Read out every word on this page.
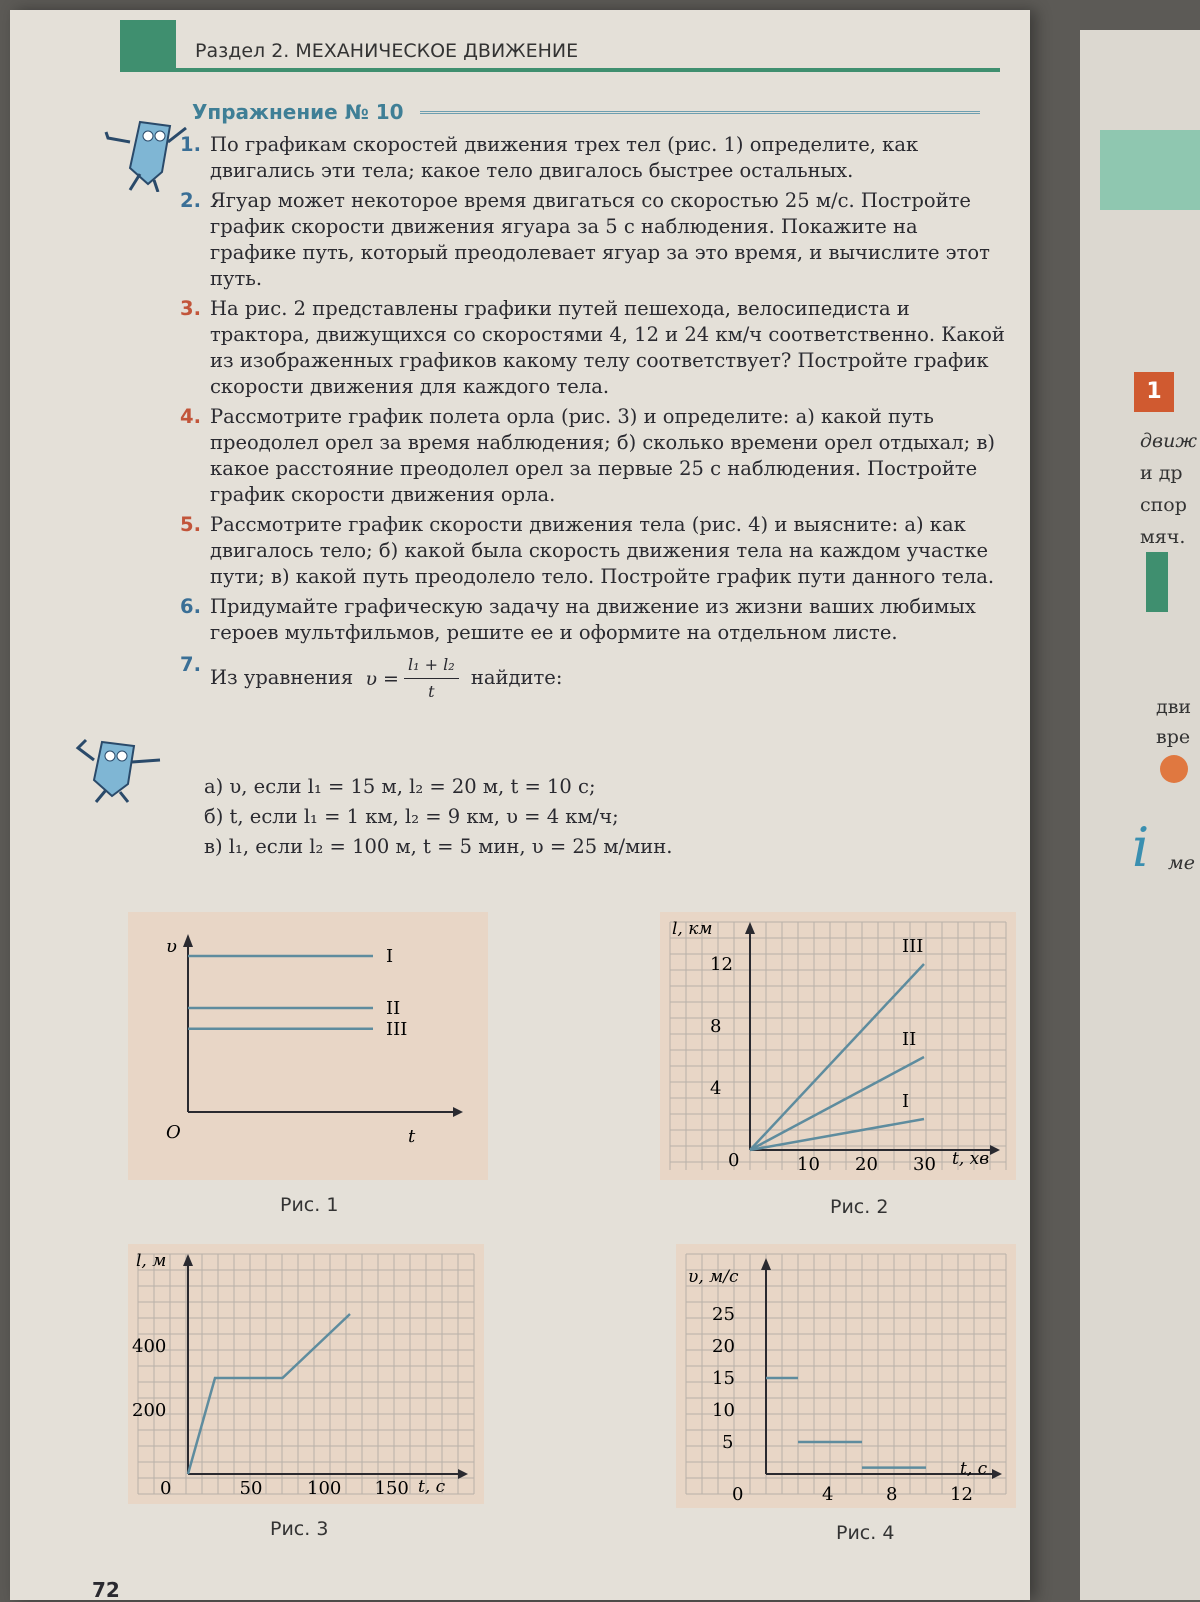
1
движ
и др
спор
мяч.
дви
вре
i ме
Раздел 2. МЕХАНИЧЕСКОЕ ДВИЖЕНИЕ
Упражнение № 10
1. По графикам скоростей движения трех тел (рис. 1) определите, как двигались эти тела; какое тело двигалось быстрее остальных.
2. Ягуар может некоторое время двигаться со скоростью 25 м/с. Постройте график скорости движения ягуара за 5 с наблюдения. Покажите на графике путь, который преодолевает ягуар за это время, и вычислите этот путь.
3. На рис. 2 представлены графики путей пешехода, велосипедиста и трактора, движущихся со скоростями 4, 12 и 24 км/ч соответственно. Какой из изображенных графиков какому телу соответствует? Постройте график скорости движения для каждого тела.
4. Рассмотрите график полета орла (рис. 3) и определите: а) какой путь преодолел орел за время наблюдения; б) сколько времени орел отдыхал; в) какое расстояние преодолел орел за первые 25 с наблюдения. Постройте график скорости движения орла.
5. Рассмотрите график скорости движения тела (рис. 4) и выясните: а) как двигалось тело; б) какой была скорость движения тела на каждом участке пути; в) какой путь преодолело тело. Постройте график пути данного тела.
6. Придумайте графическую задачу на движение из жизни ваших любимых героев мультфильмов, решите ее и оформите на отдельном листе.
7.
Из уравнения $\upsilon = \frac{\text{l₁ + l₂}}{t}$ найдите:
а) υ, если l₁ = 15 м, l₂ = 20 м, t = 10 с;
б) t, если l₁ = 1 км, l₂ = 9 км, υ = 4 км/ч;
в) l₁, если l₂ = 100 м, t = 5 мин, υ = 25 м/мин.
υ
t
O
I
II
III
Рис. 1
l, км
t, хв
0
4
8
12
10 20 30
I
II
III
Рис. 2
l, м
t, с
0
200
400
50 100 150
Рис. 3
υ, м/с
t, с
0
5
10
15
20
25
4	8	12
Рис. 4
72
